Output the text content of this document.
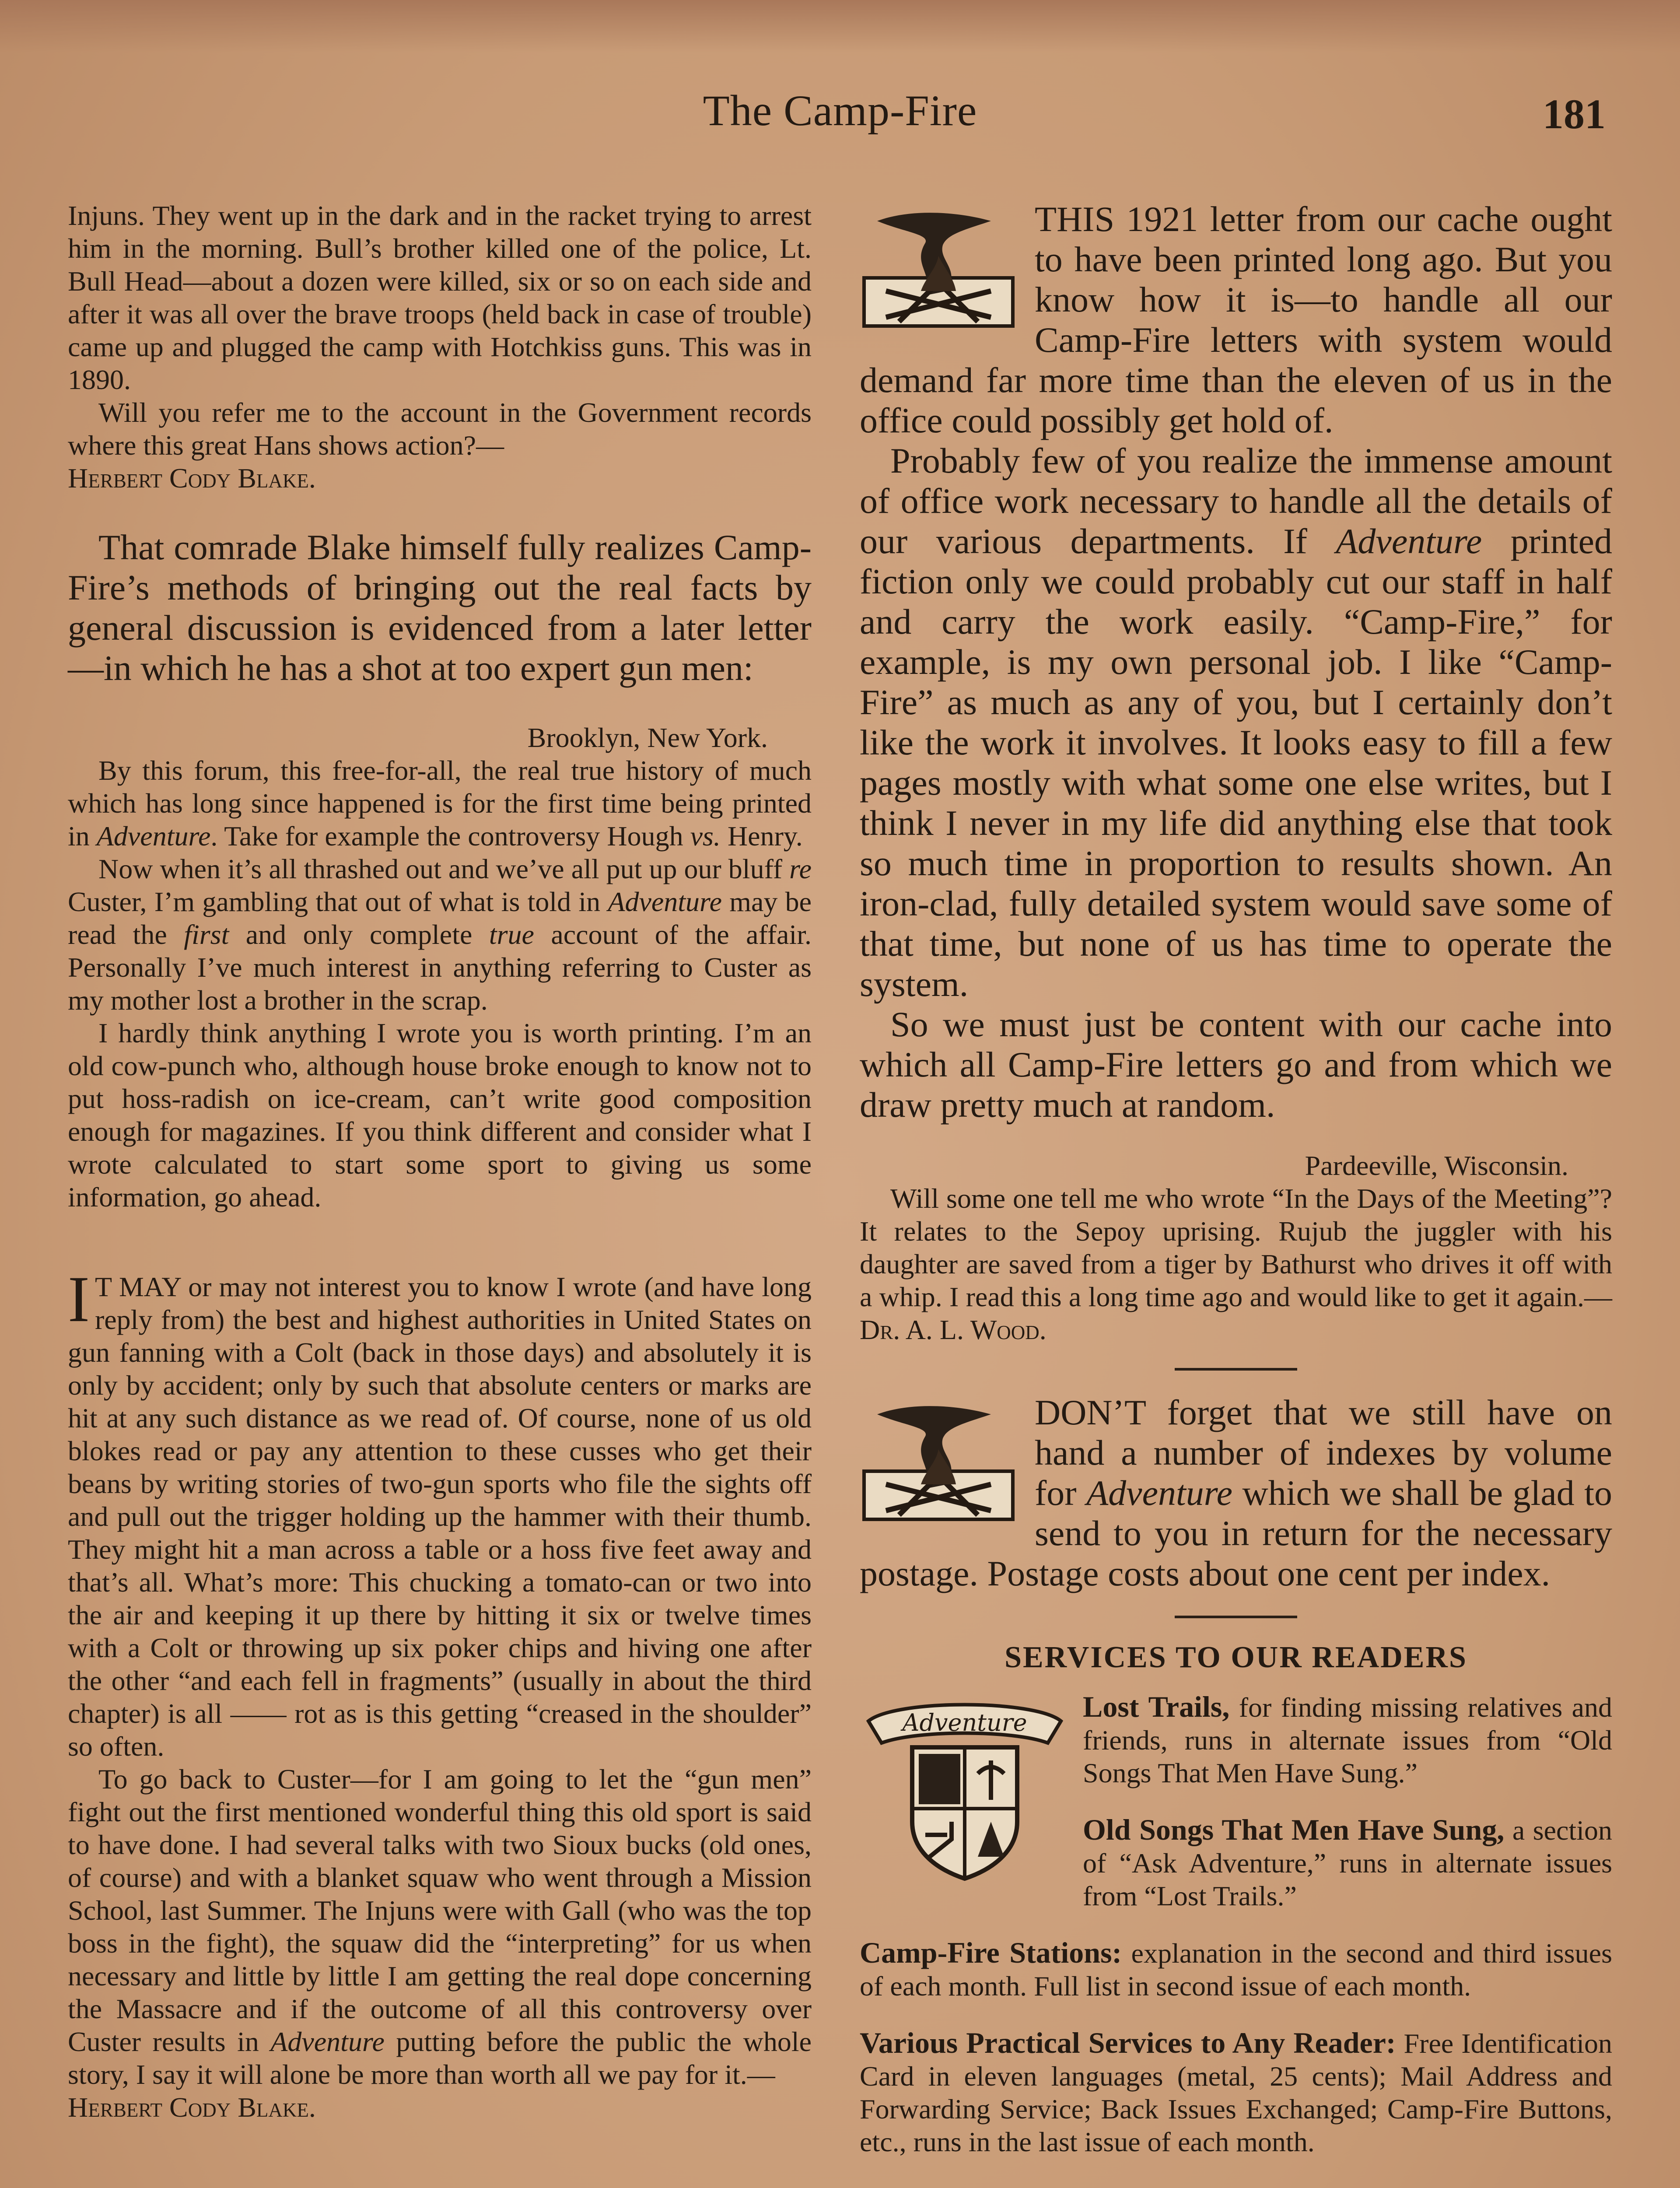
The Camp-Fire	181

Injuns. They went up in the dark and in the racket trying to arrest him in the morning. Bull’s brother killed one of the police, Lt. Bull Head—about a dozen were killed, six or so on each side and after it was all over the brave troops (held back in case of trouble) came up and plugged the camp with Hotchkiss guns. This was in 1890.

Will you refer me to the account in the Government records where this great Hans shows action?—
Herbert Cody Blake.

That comrade Blake himself fully realizes Camp-Fire’s methods of bringing out the real facts by general discussion is evidenced from a later letter—in which he has a shot at too expert gun men:

Brooklyn, New York.

By this forum, this free-for-all, the real true history of much which has long since happened is for the first time being printed in Adventure. Take for example the controversy Hough vs. Henry.

Now when it’s all thrashed out and we’ve all put up our bluff re Custer, I’m gambling that out of what is told in Adventure may be read the first and only complete true account of the affair. Personally I’ve much interest in anything referring to Custer as my mother lost a brother in the scrap.

I hardly think anything I wrote you is worth printing. I’m an old cow-punch who, although house broke enough to know not to put hoss-radish on ice-cream, can’t write good composition enough for magazines. If you think different and consider what I wrote calculated to start some sport to giving us some information, go ahead.

I T MAY or may not interest you to know I wrote (and have long reply from) the best and highest authorities in United States on gun fanning with a Colt (back in those days) and absolutely it is only by accident; only by such that absolute centers or marks are hit at any such distance as we read of. Of course, none of us old blokes read or pay any attention to these cusses who get their beans by writing stories of two-gun sports who file the sights off and pull out the trigger holding up the hammer with their thumb. They might hit a man across a table or a hoss five feet away and that’s all. What’s more: This chucking a tomato-can or two into the air and keeping it up there by hitting it six or twelve times with a Colt or throwing up six poker chips and hiving one after the other “and each fell in fragments” (usually in about the third chapter) is all —— rot as is this getting “creased in the shoulder” so often.

To go back to Custer—for I am going to let the “gun men” fight out the first mentioned wonderful thing this old sport is said to have done. I had several talks with two Sioux bucks (old ones, of course) and with a blanket squaw who went through a Mission School, last Summer. The Injuns were with Gall (who was the top boss in the fight), the squaw did the “interpreting” for us when necessary and little by little I am getting the real dope concerning the Massacre and if the outcome of all this controversy over Custer results in Adventure putting before the public the whole story, I say it will alone be more than worth all we pay for it.—
Herbert Cody Blake.

THIS 1921 letter from our cache ought to have been printed long ago. But you know how it is—to handle all our Camp-Fire letters with system would demand far more time than the eleven of us in the office could possibly get hold of.

Probably few of you realize the immense amount of office work necessary to handle all the details of our various departments. If Adventure printed fiction only we could probably cut our staff in half and carry the work easily. “Camp-Fire,” for example, is my own personal job. I like “Camp-Fire” as much as any of you, but I certainly don’t like the work it involves. It looks easy to fill a few pages mostly with what some one else writes, but I think I never in my life did anything else that took so much time in proportion to results shown. An iron-clad, fully detailed system would save some of that time, but none of us has time to operate the system.

So we must just be content with our cache into which all Camp-Fire letters go and from which we draw pretty much at random.

Pardeeville, Wisconsin.

Will some one tell me who wrote “In the Days of the Meeting”? It relates to the Sepoy uprising. Rujub the juggler with his daughter are saved from a tiger by Bathurst who drives it off with a whip. I read this a long time ago and would like to get it again.—Dr. A. L. Wood.

DON’T forget that we still have on hand a number of indexes by volume for Adventure which we shall be glad to send to you in return for the necessary postage. Postage costs about one cent per index.

SERVICES TO OUR READERS
Adventure	Lost Trails, for finding missing relatives and friends, runs in alternate issues from “Old Songs That Men Have Sung.”

Old Songs That Men Have Sung, a section of “Ask Adventure,” runs in alternate issues from “Lost Trails.”

Camp-Fire Stations: explanation in the second and third issues of each month. Full list in second issue of each month.

Various Practical Services to Any Reader: Free Identification Card in eleven languages (metal, 25 cents); Mail Address and Forwarding Service; Back Issues Exchanged; Camp-Fire Buttons, etc., runs in the last issue of each month.
